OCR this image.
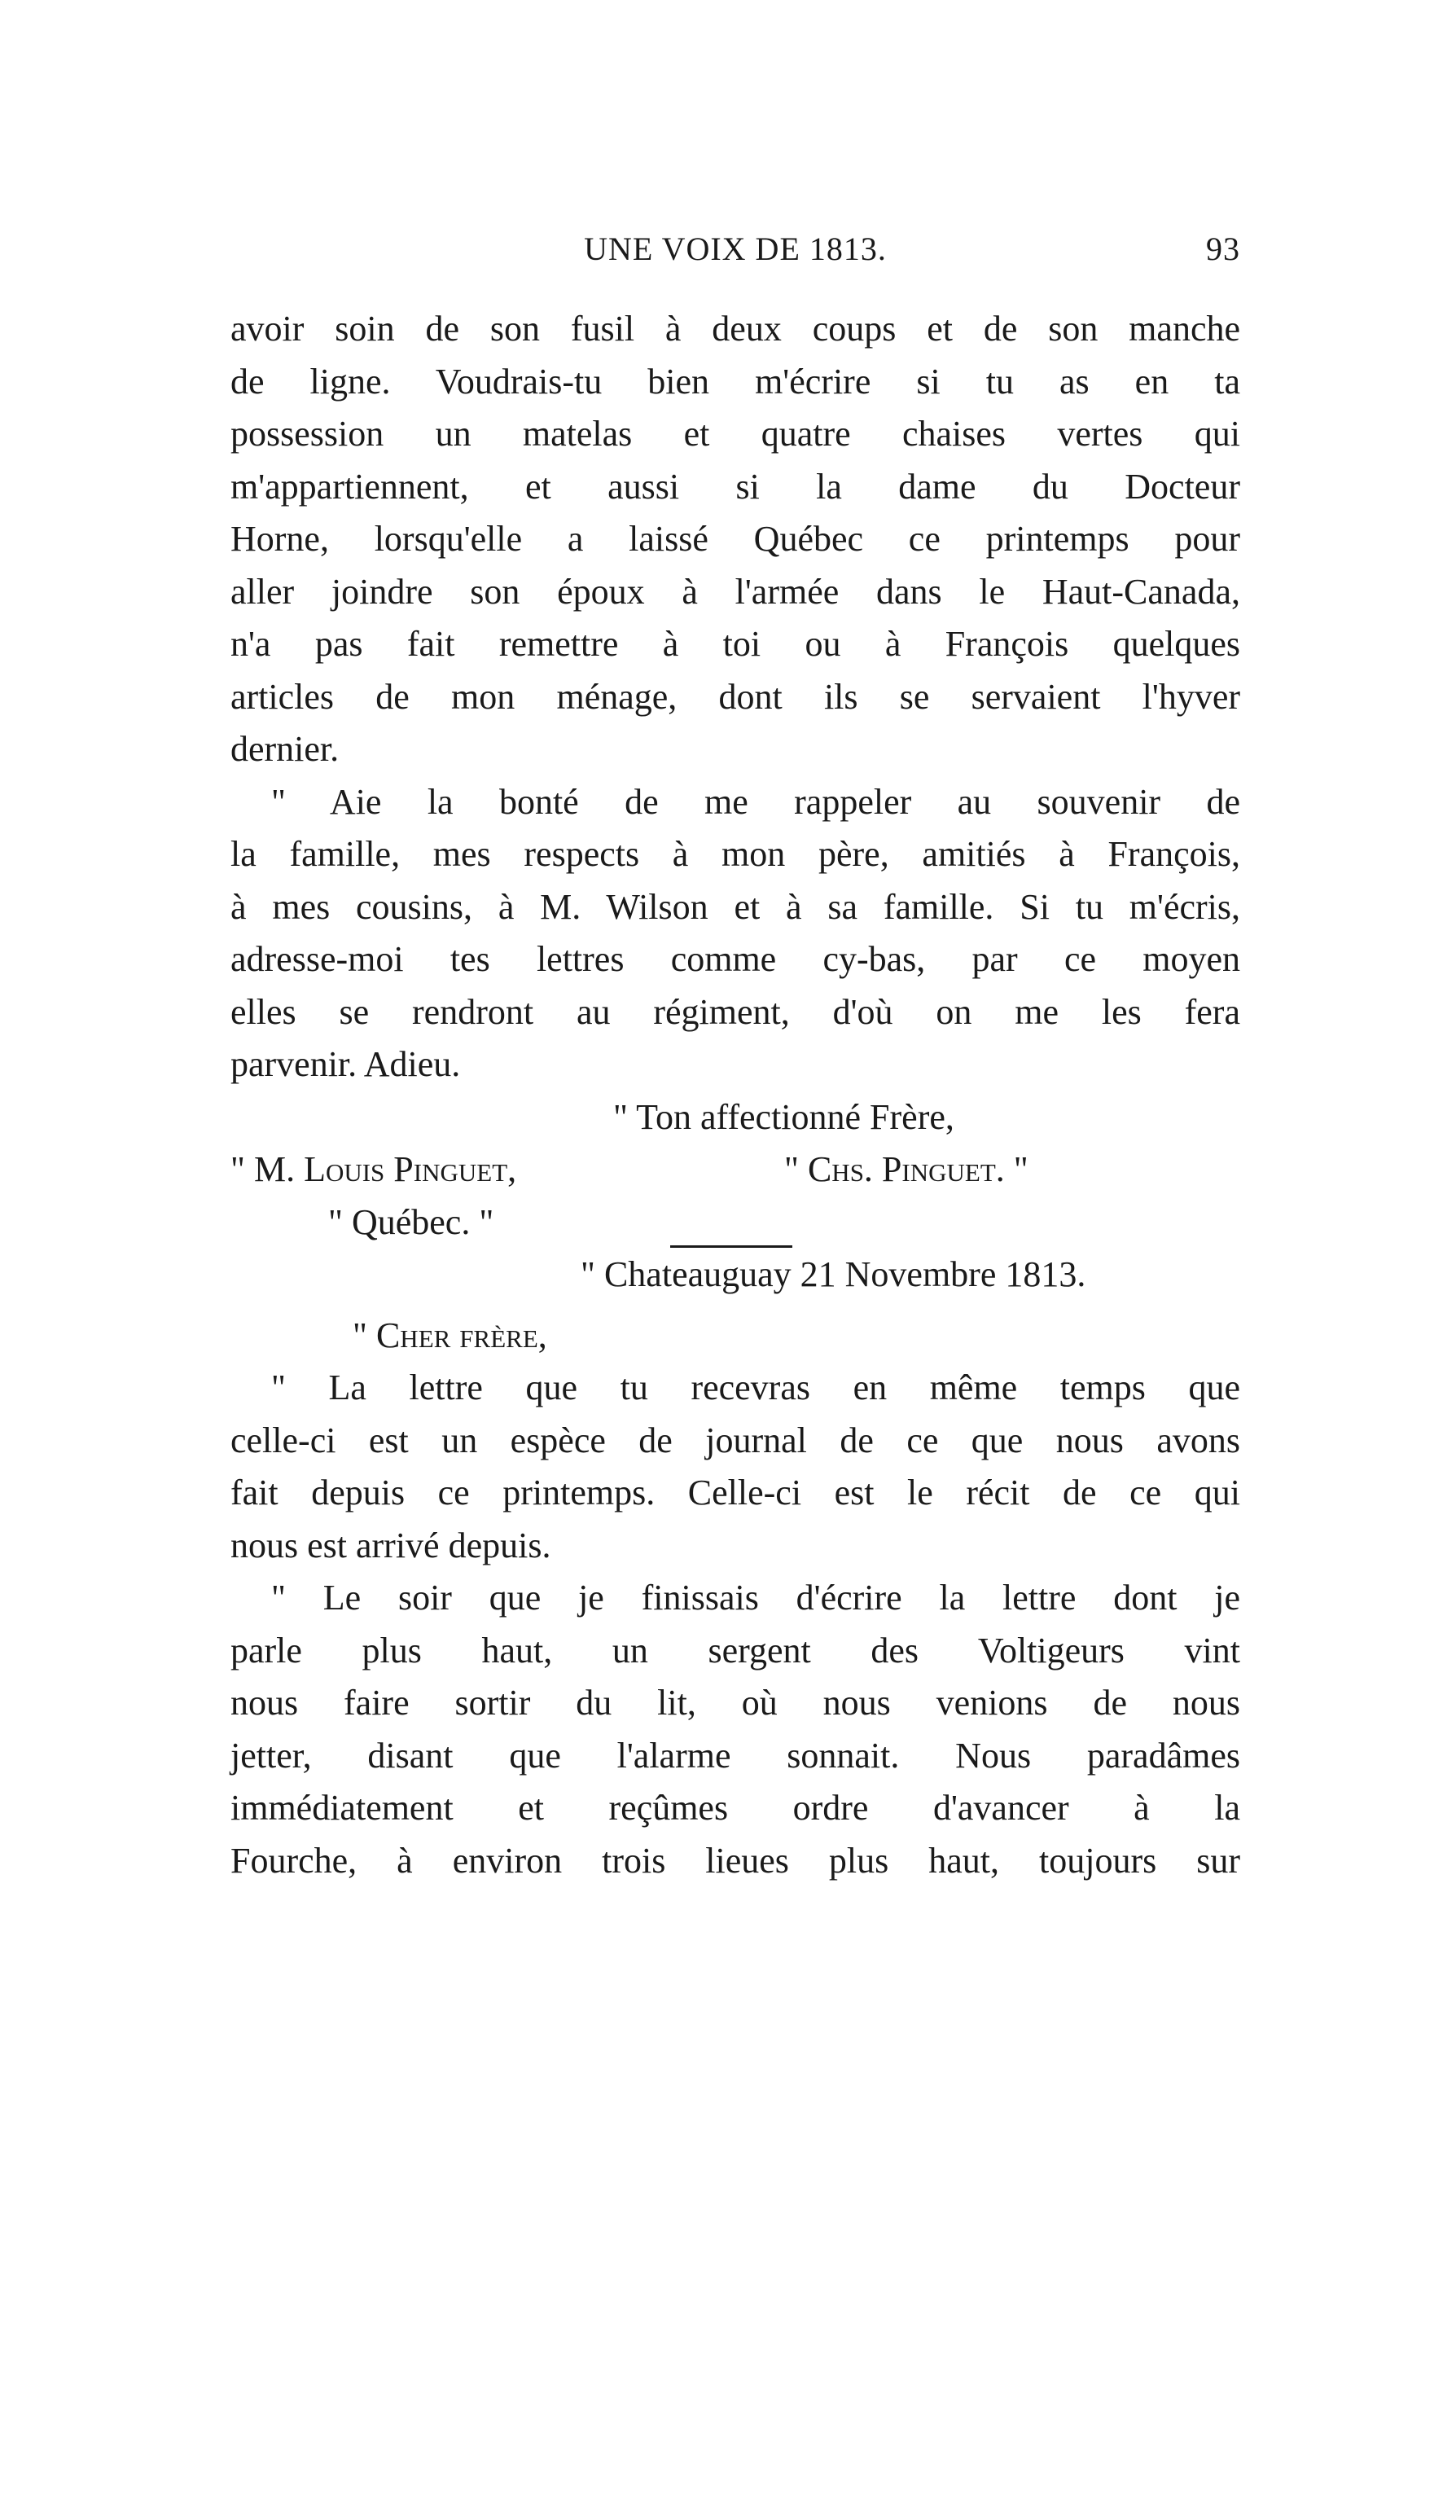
UNE VOIX DE 1813.	93
avoir soin de son fusil à deux coups et de son manche
de ligne. Voudrais-tu bien m'écrire si tu as en ta
possession un matelas et quatre chaises vertes qui
m'appartiennent, et aussi si la dame du Docteur
Horne, lorsqu'elle a laissé Québec ce printemps pour
aller joindre son époux à l'armée dans le Haut-Canada,
n'a pas fait remettre à toi ou à François quelques
articles de mon ménage, dont ils se servaient l'hyver
dernier.
" Aie la bonté de me rappeler au souvenir de
la famille, mes respects à mon père, amitiés à François,
à mes cousins, à M. Wilson et à sa famille. Si tu m'écris,
adresse-moi tes lettres comme cy-bas, par ce moyen
elles se rendront au régiment, d'où on me les fera
parvenir. Adieu.
" Ton affectionné Frère,
" M. Louis Pinguet,	" Chs. Pinguet. "
" Québec. "
" Chateauguay 21 Novembre 1813.
" Cher frère,
" La lettre que tu recevras en même temps que
celle-ci est un espèce de journal de ce que nous avons
fait depuis ce printemps. Celle-ci est le récit de ce qui
nous est arrivé depuis.
" Le soir que je finissais d'écrire la lettre dont je
parle plus haut, un sergent des Voltigeurs vint
nous faire sortir du lit, où nous venions de nous
jetter, disant que l'alarme sonnait. Nous paradâmes
immédiatement et reçûmes ordre d'avancer à la
Fourche, à environ trois lieues plus haut, toujours sur
